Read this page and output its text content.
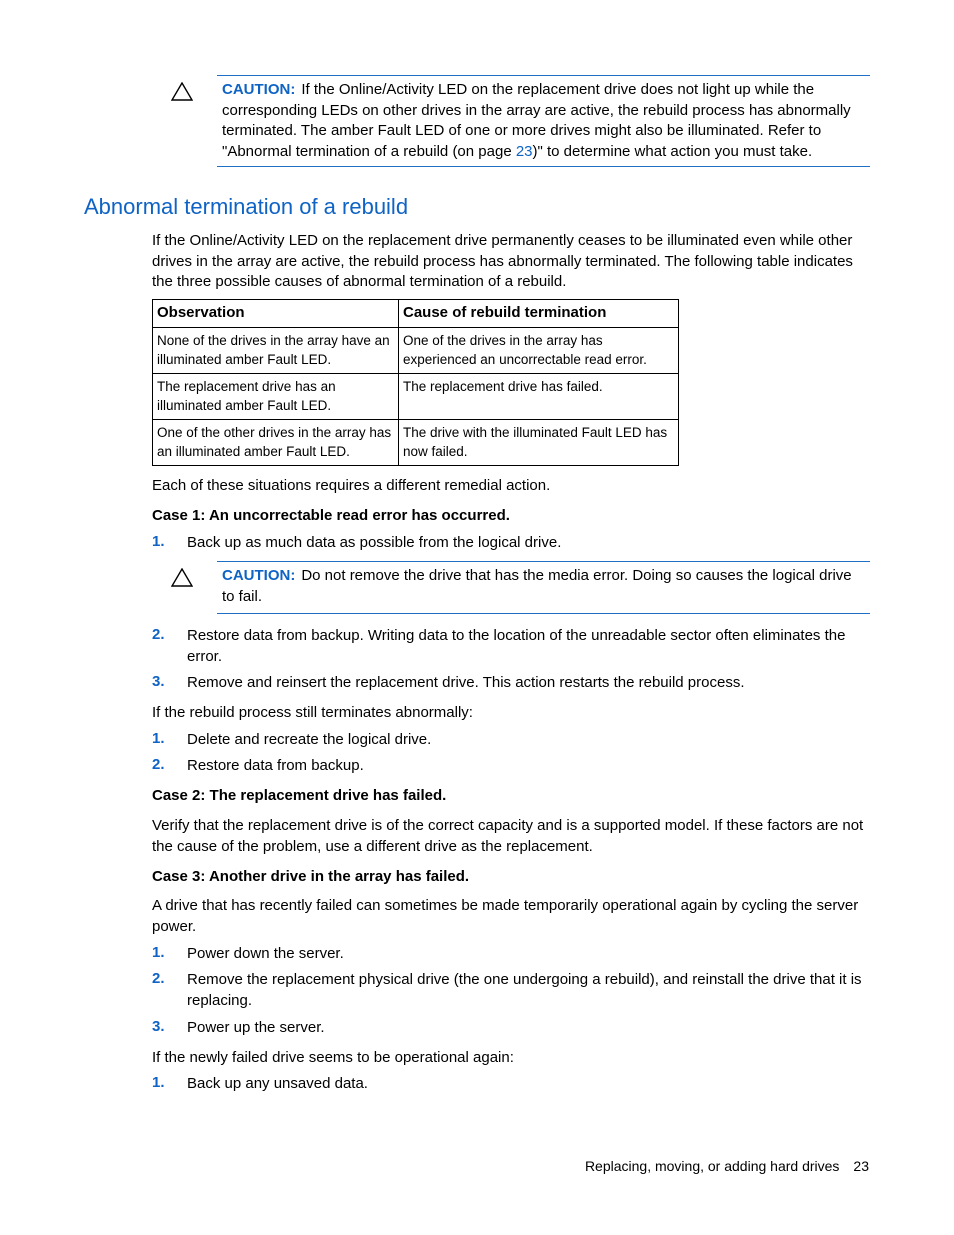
CAUTION: If the Online/Activity LED on the replacement drive does not light up while the corresponding LEDs on other drives in the array are active, the rebuild process has abnormally terminated. The amber Fault LED of one or more drives might also be illuminated. Refer to "Abnormal termination of a rebuild (on page 23)" to determine what action you must take.
Abnormal termination of a rebuild

If the Online/Activity LED on the replacement drive permanently ceases to be illuminated even while other drives in the array are active, the rebuild process has abnormally terminated. The following table indicates the three possible causes of abnormal termination of a rebuild.

Observation	Cause of rebuild termination
None of the drives in the array have an illuminated amber Fault LED.	One of the drives in the array has experienced an uncorrectable read error.
The replacement drive has an illuminated amber Fault LED.	The replacement drive has failed.
One of the other drives in the array has an illuminated amber Fault LED.	The drive with the illuminated Fault LED has now failed.

Each of these situations requires a different remedial action.

Case 1: An uncorrectable read error has occurred.

1. Back up as much data as possible from the logical drive.
CAUTION: Do not remove the drive that has the media error. Doing so causes the logical drive to fail.
2. Restore data from backup. Writing data to the location of the unreadable sector often eliminates the error.
3. Remove and reinsert the replacement drive. This action restarts the rebuild process.

If the rebuild process still terminates abnormally:

1. Delete and recreate the logical drive.
2. Restore data from backup.

Case 2: The replacement drive has failed.

Verify that the replacement drive is of the correct capacity and is a supported model. If these factors are not the cause of the problem, use a different drive as the replacement.

Case 3: Another drive in the array has failed.

A drive that has recently failed can sometimes be made temporarily operational again by cycling the server power.

1. Power down the server.
2. Remove the replacement physical drive (the one undergoing a rebuild), and reinstall the drive that it is replacing.
3. Power up the server.

If the newly failed drive seems to be operational again:

1. Back up any unsaved data.
Replacing, moving, or adding hard drives 23
